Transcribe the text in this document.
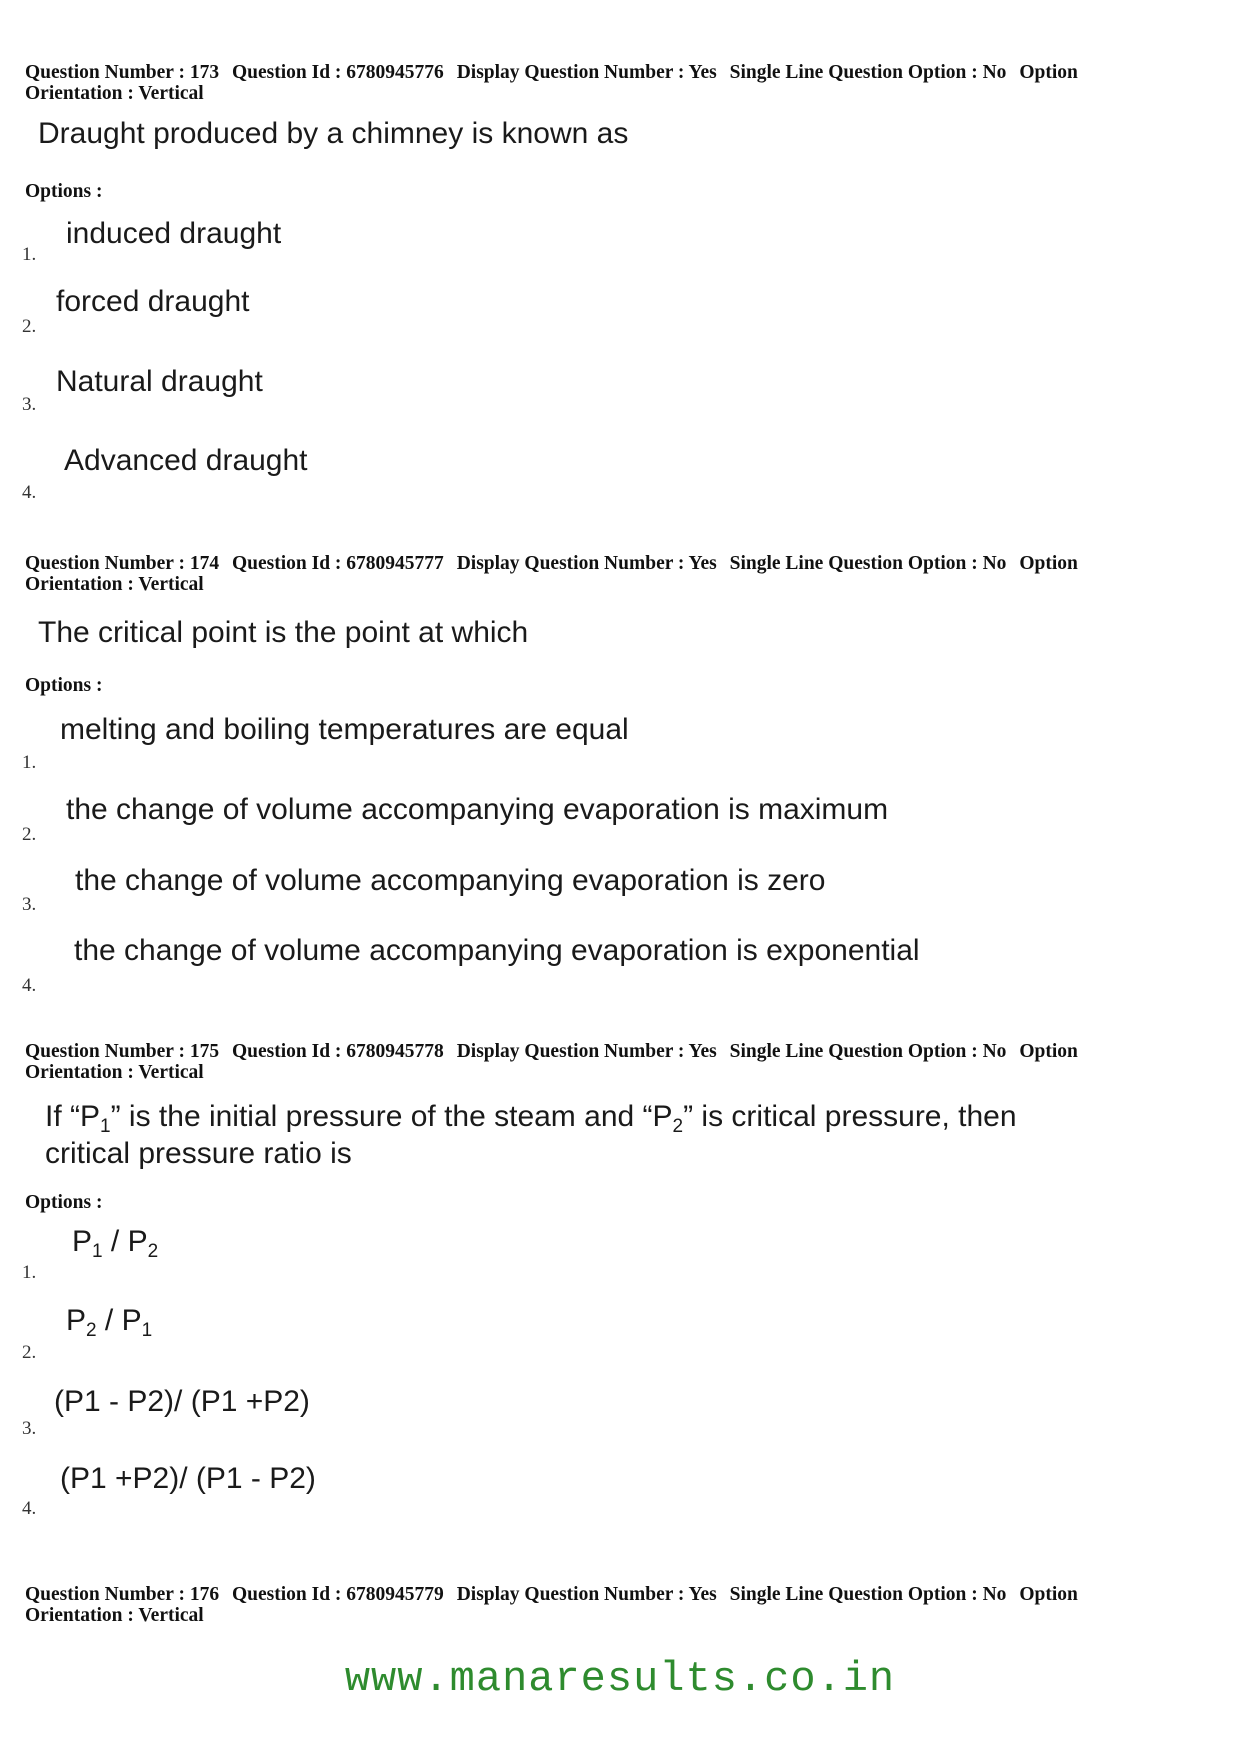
Question Number : 173 Question Id : 6780945776 Display Question Number : Yes Single Line Question Option : No Option
Orientation : Vertical
Draught produced by a chimney is known as
Options :
1.
induced draught
2.
forced draught
3.
Natural draught
4.
Advanced draught
Question Number : 174 Question Id : 6780945777 Display Question Number : Yes Single Line Question Option : No Option
Orientation : Vertical
The critical point is the point at which
Options :
1.
melting and boiling temperatures are equal
2.
the change of volume accompanying evaporation is maximum
3.
the change of volume accompanying evaporation is zero
4.
the change of volume accompanying evaporation is exponential
Question Number : 175 Question Id : 6780945778 Display Question Number : Yes Single Line Question Option : No Option
Orientation : Vertical
If “$P_1$” is the initial pressure of the steam and “$P_2$” is critical pressure, then
critical pressure ratio is
Options :
1.
$P_1 / P_2$
2.
$P_2 / P_1$
3.
(P1 - P2)/ (P1 +P2)
4.
(P1 +P2)/ (P1 - P2)
Question Number : 176 Question Id : 6780945779 Display Question Number : Yes Single Line Question Option : No Option
Orientation : Vertical
www.manaresults.co.in
